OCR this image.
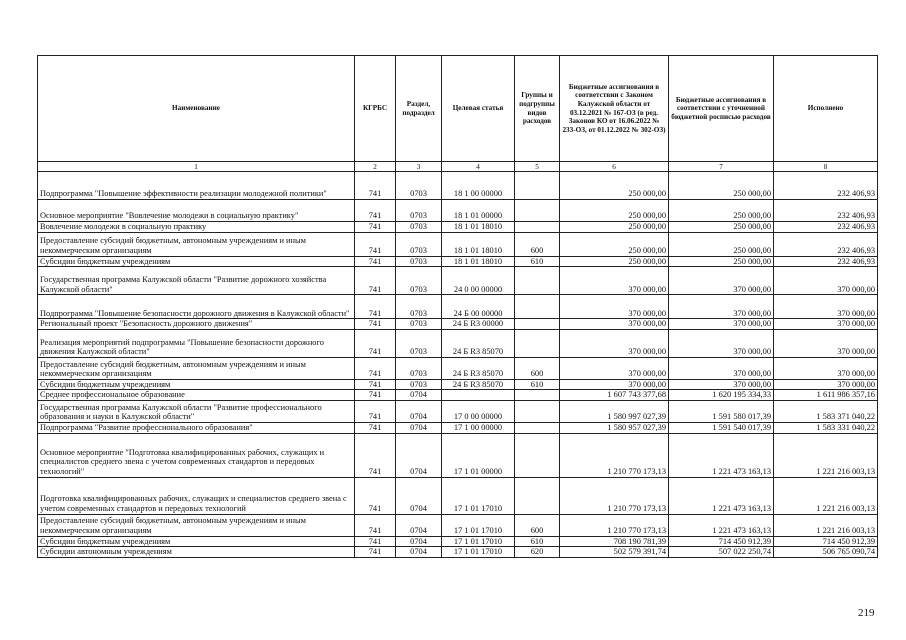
Наименование	КГРБС	Раздел, подраздел	Целевая статья	Группы и подгруппы видов расходов	Бюджетные ассигнования в соответствии с Законом Калужской области от 03.12.2021 № 167-ОЗ (в ред. Законов КО от 16.06.2022 № 233-ОЗ, от 01.12.2022 № 302-ОЗ)	Бюджетные ассигнования в соответствии с уточненной бюджетной росписью расходов	Исполнено
1	2	3	4	5	6	7	8
Подпрограмма "Повышение эффективности реализации молодежной политики"	741	0703	18 1 00 00000		250 000,00	250 000,00	232 406,93
Основное мероприятие "Вовлечение молодежи в социальную практику"	741	0703	18 1 01 00000		250 000,00	250 000,00	232 406,93
Вовлечение молодежи в социальную практику	741	0703	18 1 01 18010		250 000,00	250 000,00	232 406,93
Предоставление субсидий бюджетным, автономным учреждениям и иным некоммерческим организациям	741	0703	18 1 01 18010	600	250 000,00	250 000,00	232 406,93
Субсидии бюджетным учреждениям	741	0703	18 1 01 18010	610	250 000,00	250 000,00	232 406,93
Государственная программа Калужской области "Развитие дорожного хозяйства Калужской области"	741	0703	24 0 00 00000		370 000,00	370 000,00	370 000,00
Подпрограмма "Повышение безопасности дорожного движения в Калужской области"	741	0703	24 Б 00 00000		370 000,00	370 000,00	370 000,00
Региональный проект "Безопасность дорожного движения"	741	0703	24 Б R3 00000		370 000,00	370 000,00	370 000,00
Реализация мероприятий подпрограммы "Повышение безопасности дорожного движения Калужской области"	741	0703	24 Б R3 85070		370 000,00	370 000,00	370 000,00
Предоставление субсидий бюджетным, автономным учреждениям и иным некоммерческим организациям	741	0703	24 Б R3 85070	600	370 000,00	370 000,00	370 000,00
Субсидии бюджетным учреждениям	741	0703	24 Б R3 85070	610	370 000,00	370 000,00	370 000,00
Среднее профессиональное образование	741	0704			1 607 743 377,68	1 620 195 334,33	1 611 986 357,16
Государственная программа Калужской области "Развитие профессионального образования и науки в Калужской области"	741	0704	17 0 00 00000		1 580 997 027,39	1 591 580 017,39	1 583 371 040,22
Подпрограмма "Развитие профессионального образования"	741	0704	17 1 00 00000		1 580 957 027,39	1 591 540 017,39	1 583 331 040,22
Основное мероприятие "Подготовка квалифицированных рабочих, служащих и специалистов среднего звена с учетом современных стандартов и передовых технологий"	741	0704	17 1 01 00000		1 210 770 173,13	1 221 473 163,13	1 221 216 003,13
Подготовка квалифицированных рабочих, служащих и специалистов среднего звена с учетом современных стандартов и передовых технологий	741	0704	17 1 01 17010		1 210 770 173,13	1 221 473 163,13	1 221 216 003,13
Предоставление субсидий бюджетным, автономным учреждениям и иным некоммерческим организациям	741	0704	17 1 01 17010	600	1 210 770 173,13	1 221 473 163,13	1 221 216 003,13
Субсидии бюджетным учреждениям	741	0704	17 1 01 17010	610	708 190 781,39	714 450 912,39	714 450 912,39
Субсидии автономным учреждениям	741	0704	17 1 01 17010	620	502 579 391,74	507 022 250,74	506 765 090,74
219
